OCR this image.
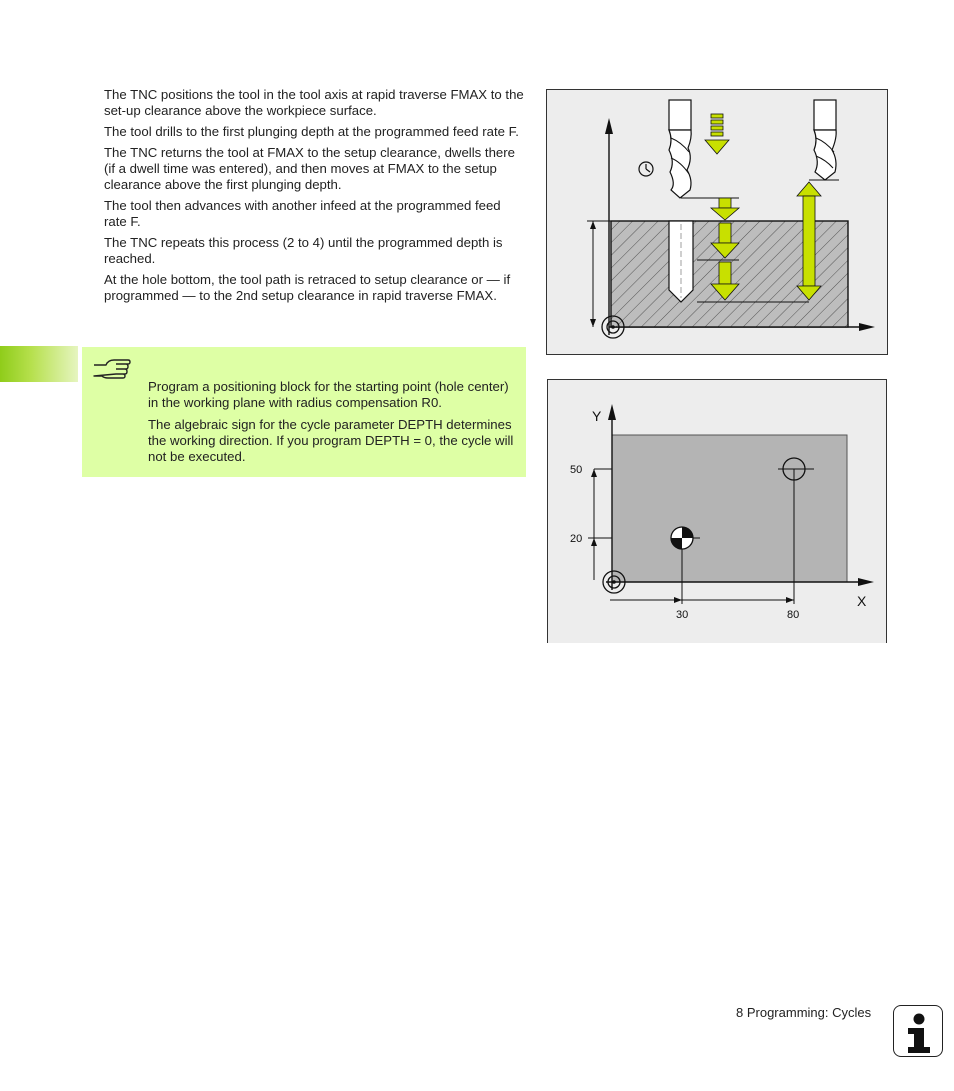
The TNC positions the tool in the tool axis at rapid traverse FMAX to the set-up clearance above the workpiece surface.

The tool drills to the first plunging depth at the programmed feed rate F.

The TNC returns the tool at FMAX to the setup clearance, dwells there (if a dwell time was entered), and then moves at FMAX to the setup clearance above the first plunging depth.

The tool then advances with another infeed at the programmed feed rate F.

The TNC repeats this process (2 to 4) until the programmed depth is reached.

At the hole bottom, the tool path is retraced to setup clearance or — if programmed — to the 2nd setup clearance in rapid traverse FMAX.

Program a positioning block for the starting point (hole center) in the working plane with radius compensation R0.

The algebraic sign for the cycle parameter DEPTH determines the working direction. If you program DEPTH = 0, the cycle will not be executed.

Y
X
50
20
30	80
8 Programming: Cycles
